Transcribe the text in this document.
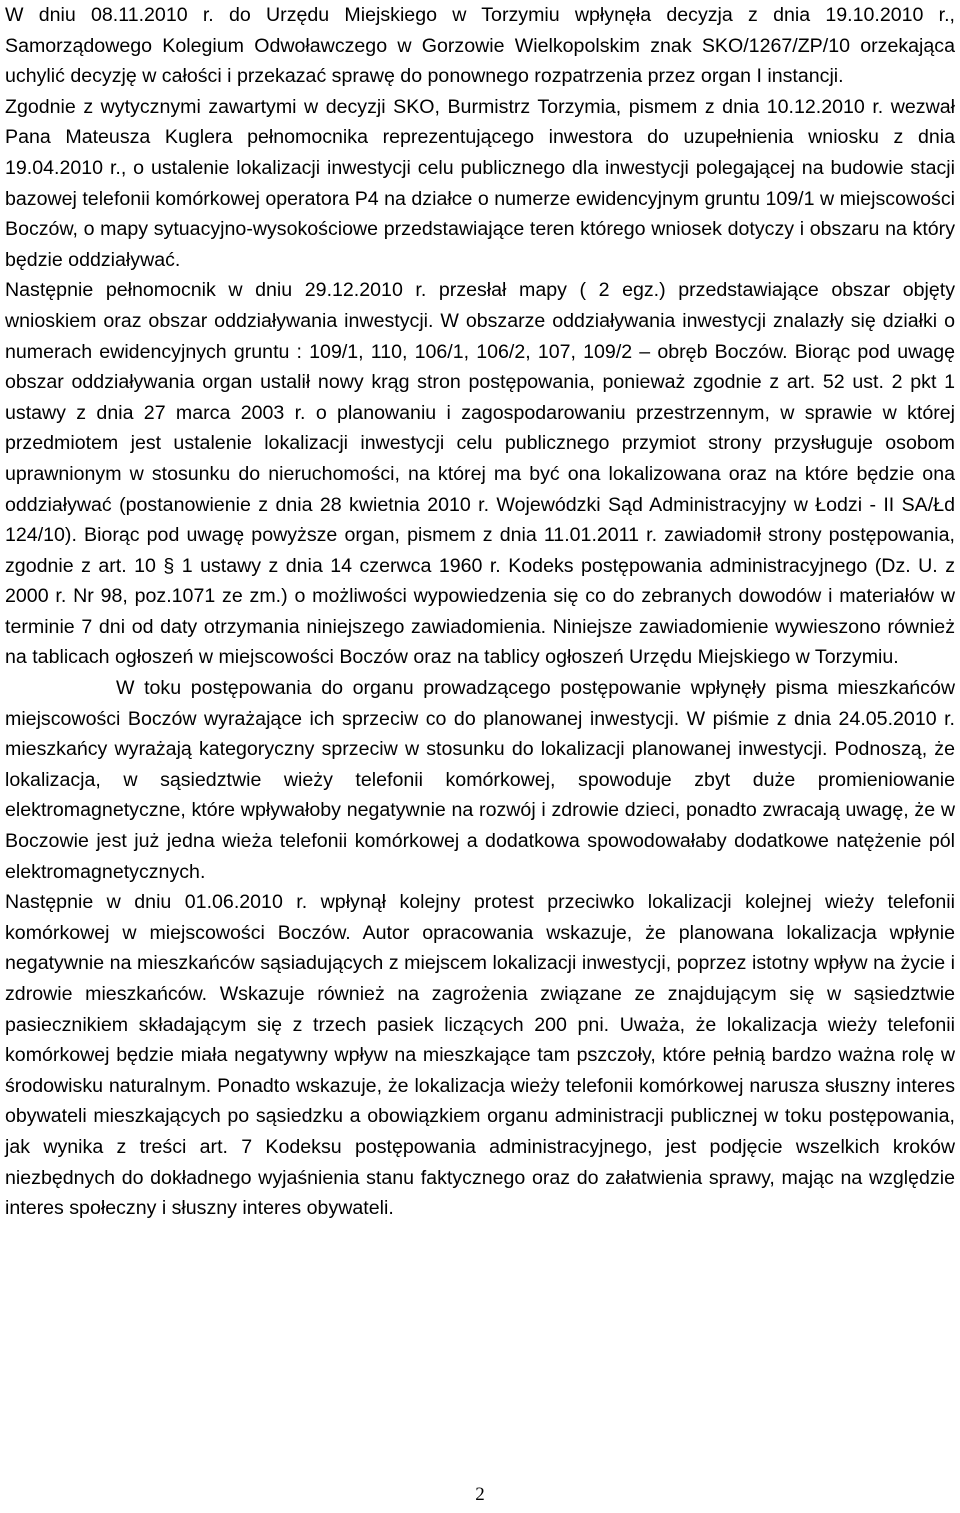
W dniu 08.11.2010 r. do Urzędu Miejskiego w Torzymiu wpłynęła decyzja z dnia 19.10.2010 r., Samorządowego Kolegium Odwoławczego w Gorzowie Wielkopolskim znak SKO/1267/ZP/10 orzekająca uchylić decyzję w całości i przekazać sprawę do ponownego rozpatrzenia przez organ I instancji.

Zgodnie z wytycznymi zawartymi w decyzji SKO, Burmistrz Torzymia, pismem z dnia 10.12.2010 r. wezwał Pana Mateusza Kuglera pełnomocnika reprezentującego inwestora do uzupełnienia wniosku z dnia 19.04.2010 r., o ustalenie lokalizacji inwestycji celu publicznego dla inwestycji polegającej na budowie stacji bazowej telefonii komórkowej operatora P4 na działce o numerze ewidencyjnym gruntu 109/1 w miejscowości Boczów, o mapy sytuacyjno-wysokościowe przedstawiające teren którego wniosek dotyczy i obszaru na który będzie oddziaływać.

Następnie pełnomocnik w dniu 29.12.2010 r. przesłał mapy ( 2 egz.) przedstawiające obszar objęty wnioskiem oraz obszar oddziaływania inwestycji. W obszarze oddziaływania inwestycji znalazły się działki o numerach ewidencyjnych gruntu : 109/1, 110, 106/1, 106/2, 107, 109/2 – obręb Boczów. Biorąc pod uwagę obszar oddziaływania organ ustalił nowy krąg stron postępowania, ponieważ zgodnie z art. 52 ust. 2 pkt 1 ustawy z dnia 27 marca 2003 r. o planowaniu i zagospodarowaniu przestrzennym, w sprawie w której przedmiotem jest ustalenie lokalizacji inwestycji celu publicznego przymiot strony przysługuje osobom uprawnionym w stosunku do nieruchomości, na której ma być ona lokalizowana oraz na które będzie ona oddziaływać (postanowienie z dnia 28 kwietnia 2010 r. Wojewódzki Sąd Administracyjny w Łodzi - II SA/Łd 124/10). Biorąc pod uwagę powyższe organ, pismem z dnia 11.01.2011 r. zawiadomił strony postępowania, zgodnie z art. 10 § 1 ustawy z dnia 14 czerwca 1960 r. Kodeks postępowania administracyjnego (Dz. U. z 2000 r. Nr 98, poz.1071 ze zm.) o możliwości wypowiedzenia się co do zebranych dowodów i materiałów w terminie 7 dni od daty otrzymania niniejszego zawiadomienia. Niniejsze zawiadomienie wywieszono również na tablicach ogłoszeń w miejscowości Boczów oraz na tablicy ogłoszeń Urzędu Miejskiego w Torzymiu.

W toku postępowania do organu prowadzącego postępowanie wpłynęły pisma mieszkańców miejscowości Boczów wyrażające ich sprzeciw co do planowanej inwestycji. W piśmie z dnia 24.05.2010 r. mieszkańcy wyrażają kategoryczny sprzeciw w stosunku do lokalizacji planowanej inwestycji. Podnoszą, że lokalizacja, w sąsiedztwie wieży telefonii komórkowej, spowoduje zbyt duże promieniowanie elektromagnetyczne, które wpływałoby negatywnie na rozwój i zdrowie dzieci, ponadto zwracają uwagę, że w Boczowie jest już jedna wieża telefonii komórkowej a dodatkowa spowodowałaby dodatkowe natężenie pól elektromagnetycznych.

Następnie w dniu 01.06.2010 r. wpłynął kolejny protest przeciwko lokalizacji kolejnej wieży telefonii komórkowej w miejscowości Boczów. Autor opracowania wskazuje, że planowana lokalizacja wpłynie negatywnie na mieszkańców sąsiadujących z miejscem lokalizacji inwestycji, poprzez istotny wpływ na życie i zdrowie mieszkańców. Wskazuje również na zagrożenia związane ze znajdującym się w sąsiedztwie pasiecznikiem składającym się z trzech pasiek liczących 200 pni. Uważa, że lokalizacja wieży telefonii komórkowej będzie miała negatywny wpływ na mieszkające tam pszczoły, które pełnią bardzo ważna rolę w środowisku naturalnym. Ponadto wskazuje, że lokalizacja wieży telefonii komórkowej narusza słuszny interes obywateli mieszkających po sąsiedzku a obowiązkiem organu administracji publicznej w toku postępowania, jak wynika z treści art. 7 Kodeksu postępowania administracyjnego, jest podjęcie wszelkich kroków niezbędnych do dokładnego wyjaśnienia stanu faktycznego oraz do załatwienia sprawy, mając na względzie interes społeczny i słuszny interes obywateli.

2
